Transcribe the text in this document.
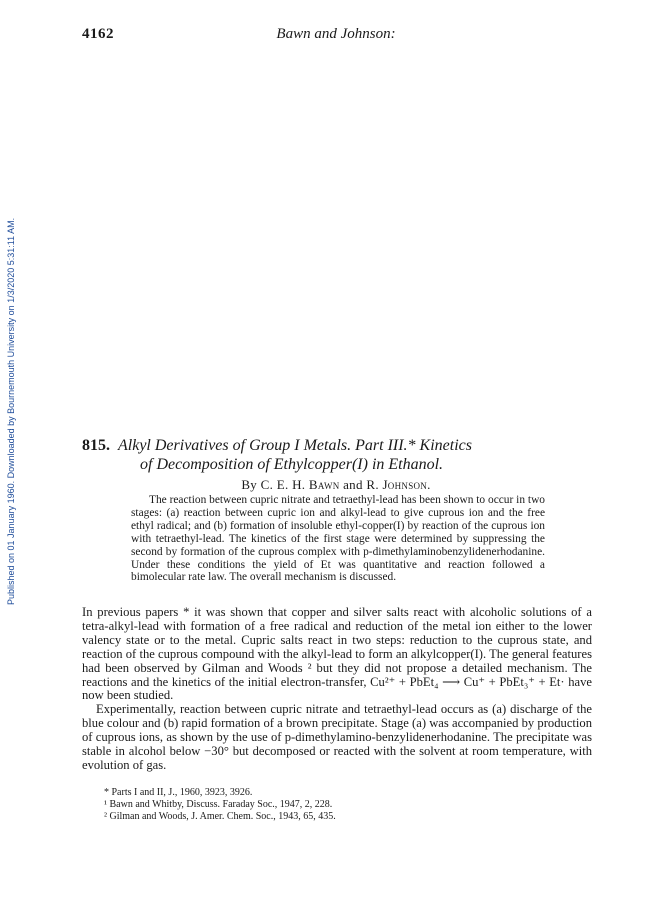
4162	Bawn and Johnson:
Published on 01 January 1960. Downloaded by Bournemouth University on 1/3/2020 5:31:11 AM.	815. Alkyl Derivatives of Group I Metals. Part III.* Kinetics
of Decomposition of Ethylcopper(I) in Ethanol.
By C. E. H. Bawn and R. Johnson.

The reaction between cupric nitrate and tetraethyl-lead has been shown to occur in two stages: (a) reaction between cupric ion and alkyl-lead to give cuprous ion and the free ethyl radical; and (b) formation of insoluble ethyl-copper(I) by reaction of the cuprous ion with tetraethyl-lead. The kinetics of the first stage were determined by suppressing the second by formation of the cuprous complex with p-dimethylaminobenzylidenerhodanine. Under these conditions the yield of Et was quantitative and reaction followed a bimolecular rate law. The overall mechanism is discussed.

In previous papers * it was shown that copper and silver salts react with alcoholic solutions of a tetra-alkyl-lead with formation of a free radical and reduction of the metal ion either to the lower valency state or to the metal. Cupric salts react in two steps: reduction to the cuprous state, and reaction of the cuprous compound with the alkyl-lead to form an alkylcopper(I). The general features had been observed by Gilman and Woods ² but they did not propose a detailed mechanism. The reactions and the kinetics of the initial electron-transfer, Cu²⁺ + PbEt₄ ⟶ Cu⁺ + PbEt₃⁺ + Et· have now been studied.

Experimentally, reaction between cupric nitrate and tetraethyl-lead occurs as (a) discharge of the blue colour and (b) rapid formation of a brown precipitate. Stage (a) was accompanied by production of cuprous ions, as shown by the use of p-dimethylamino-benzylidenerhodanine. The precipitate was stable in alcohol below −30° but decomposed or reacted with the solvent at room temperature, with evolution of gas.

* Parts I and II, J., 1960, 3923, 3926.
¹ Bawn and Whitby, Discuss. Faraday Soc., 1947, 2, 228.
² Gilman and Woods, J. Amer. Chem. Soc., 1943, 65, 435.
